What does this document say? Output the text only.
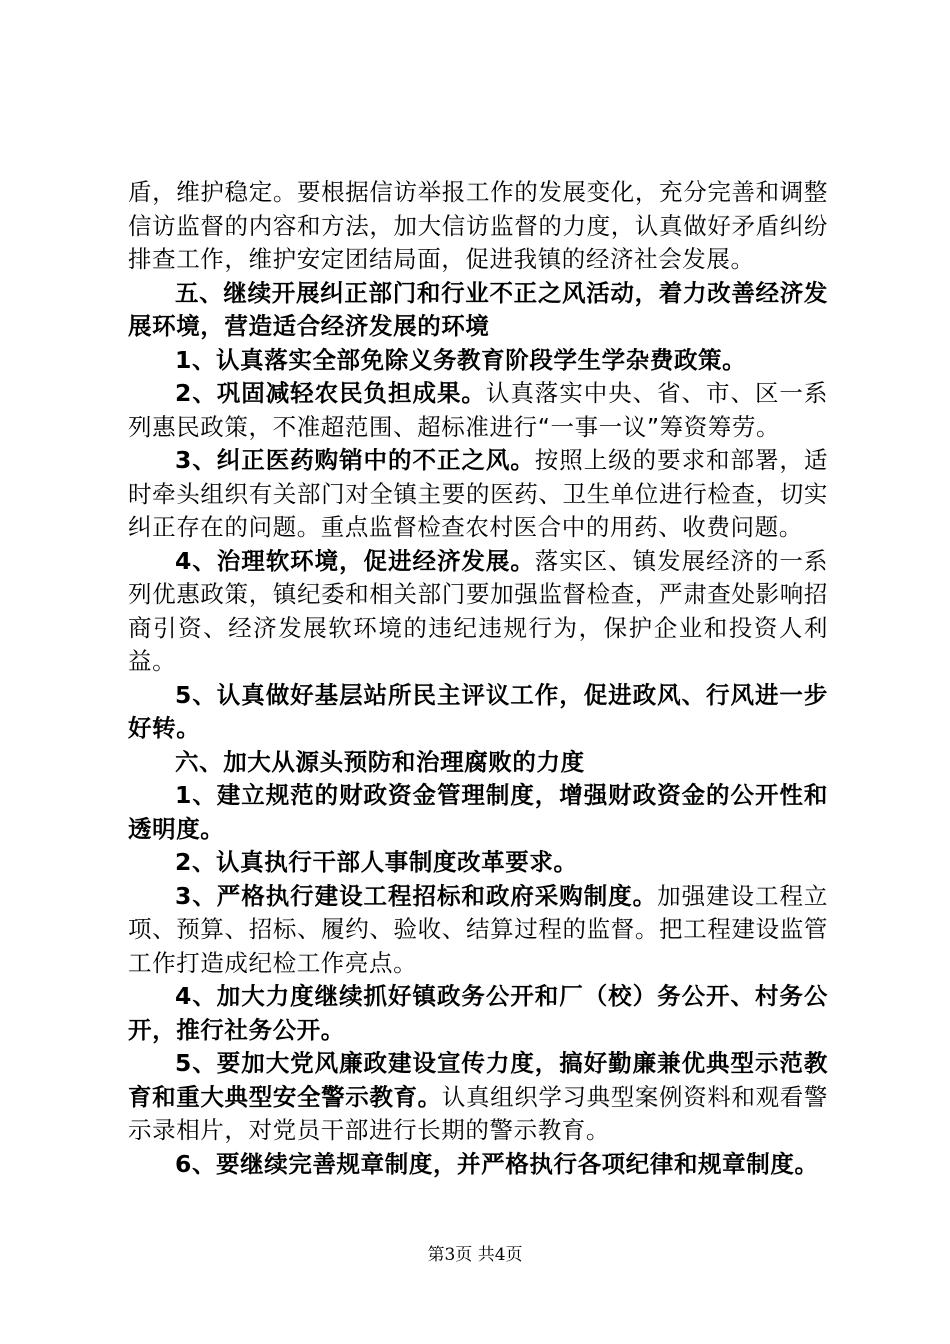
盾，维护稳定。要根据信访举报工作的发展变化，充分完善和调整信访监督的内容和方法，加大信访监督的力度，认真做好矛盾纠纷排查工作，维护安定团结局面，促进我镇的经济社会发展。

五、继续开展纠正部门和行业不正之风活动，着力改善经济发展环境，营造适合经济发展的环境

1、认真落实全部免除义务教育阶段学生学杂费政策。

2、巩固减轻农民负担成果。认真落实中央、省、市、区一系列惠民政策，不准超范围、超标准进行“一事一议”筹资筹劳。

3、纠正医药购销中的不正之风。按照上级的要求和部署，适时牵头组织有关部门对全镇主要的医药、卫生单位进行检查，切实纠正存在的问题。重点监督检查农村医合中的用药、收费问题。

4、治理软环境，促进经济发展。落实区、镇发展经济的一系列优惠政策，镇纪委和相关部门要加强监督检查，严肃查处影响招商引资、经济发展软环境的违纪违规行为，保护企业和投资人利益。

5、认真做好基层站所民主评议工作，促进政风、行风进一步好转。

六、加大从源头预防和治理腐败的力度

1、建立规范的财政资金管理制度，增强财政资金的公开性和透明度。

2、认真执行干部人事制度改革要求。

3、严格执行建设工程招标和政府采购制度。加强建设工程立项、预算、招标、履约、验收、结算过程的监督。把工程建设监管工作打造成纪检工作亮点。

4、加大力度继续抓好镇政务公开和厂（校）务公开、村务公开，推行社务公开。

5、要加大党风廉政建设宣传力度，搞好勤廉兼优典型示范教育和重大典型安全警示教育。认真组织学习典型案例资料和观看警示录相片，对党员干部进行长期的警示教育。

6、要继续完善规章制度，并严格执行各项纪律和规章制度。

第3页 共4页
